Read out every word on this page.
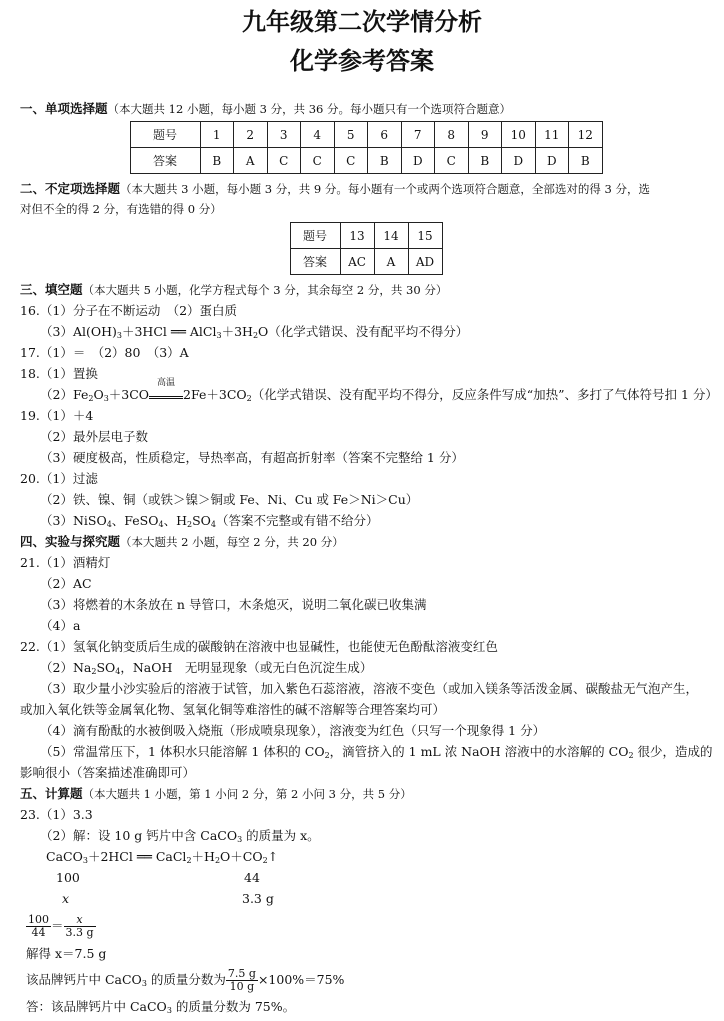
九年级第二次学情分析
化学参考答案
一、单项选择题（本大题共 12 小题，每小题 3 分，共 36 分。每小题只有一个选项符合题意）
题号	1	2	3	4	5	6	7	8	9	10	11	12
答案	B	A	C	C	C	B	D	C	B	D	D	B
二、不定项选择题（本大题共 3 小题，每小题 3 分，共 9 分。每小题有一个或两个选项符合题意，全部选对的得 3 分，选
对但不全的得 2 分，有选错的得 0 分）
题号	13	14	15
答案	AC	A	AD
三、填空题（本大题共 5 小题，化学方程式每个 3 分，其余每空 2 分，共 30 分）
16.（1）分子在不断运动　（2）蛋白质
$(3)Al(OH)_3+3HCl$ ══ $AlCl_3+3H_2O$（化学式错误、没有配平均不得分）
17.（1）＝　（2）80　（3）A
18.（1）置换
$(2)Fe_2O_3+3CO$
高温
$2Fe+3CO_2$（化学式错误、没有配平均不得分，反应条件写成“加热”、多打了气体符号扣 1 分）
19.（1）＋4
（2）最外层电子数
（3）硬度极高，性质稳定，导热率高，有超高折射率（答案不完整给 1 分）
20.（1）过滤
（2）铁、镍、铜（或铁＞镍＞铜或 Fe、Ni、Cu 或 Fe＞Ni＞Cu）
（3）NiSO$_4$、FeSO$_4$、$H_2SO_4$（答案不完整或有错不给分）
四、实验与探究题（本大题共 2 小题，每空 2 分，共 20 分）
21.（1）酒精灯
（2）AC
（3）将燃着的木条放在 n 导管口，木条熄灭，说明二氧化碳已收集满
（4）a
22.（1）氢氧化钠变质后生成的碳酸钠在溶液中也显碱性，也能使无色酚酞溶液变红色
$(2)Na_2SO_4$，NaOH　无明显现象（或无白色沉淀生成）
（3）取少量小沙实验后的溶液于试管，加入紫色石蕊溶液，溶液不变色（或加入镁条等活泼金属、碳酸盐无气泡产生，
或加入氧化铁等金属氧化物、氢氧化铜等难溶性的碱不溶解等合理答案均可）
（4）滴有酚酞的水被倒吸入烧瓶（形成喷泉现象），溶液变为红色（只写一个现象得 1 分）
（5）常温常压下，1 体积水只能溶解 1 体积的 $CO_2$，滴管挤入的 1 mL 浓 NaOH 溶液中的水溶解的 $CO_2$ 很少，造成的
影响很小（答案描述准确即可）
五、计算题（本大题共 1 小题，第 1 小问 2 分，第 2 小问 3 分，共 5 分）
23.（1）3.3
（2）解：设 10 g 钙片中含 CaCO$_3$ 的质量为 x。
CaCO$_3$＋2HCl ══ $CaCl_2+H_2O+CO_2↑$
100	44
x	3.3 g
$\frac{100}{44} = \frac{x}{3.3 g}$
解得 x＝7.5 g
该品牌钙片中 CaCO$_3$ 的质量分数为 $\frac{7.5 g}{10 g} \times 100\%=75\%$
答：该品牌钙片中 CaCO$_3$ 的质量分数为 75%。
